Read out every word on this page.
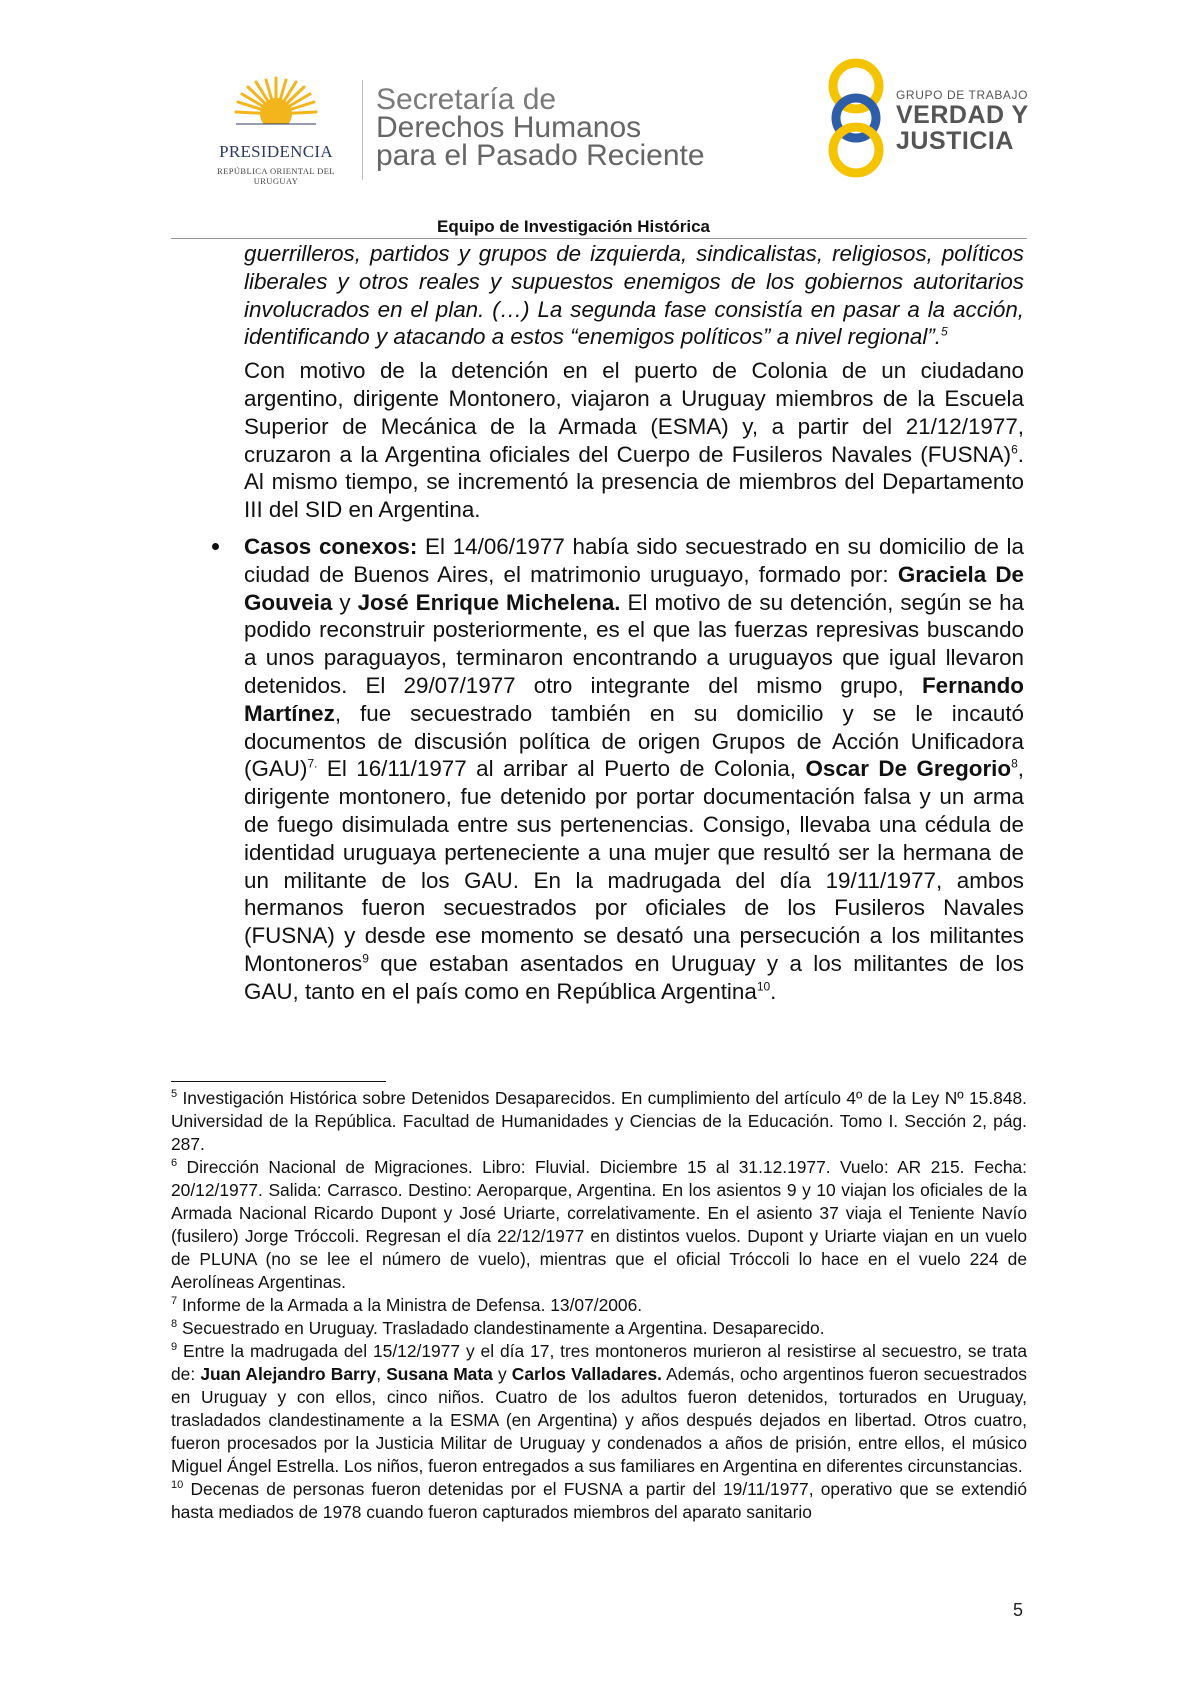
PRESIDENCIA
REPÚBLICA ORIENTAL DEL URUGUAY
Secretaría de
Derechos Humanos
para el Pasado Reciente
GRUPO DE TRABAJO
VERDAD Y
JUSTICIA
Equipo de Investigación Histórica

guerrilleros, partidos y grupos de izquierda, sindicalistas, religiosos, políticos liberales y otros reales y supuestos enemigos de los gobiernos autoritarios involucrados en el plan. (…) La segunda fase consistía en pasar a la acción, identificando y atacando a estos “enemigos políticos” a nivel regional”.$^5$

Con motivo de la detención en el puerto de Colonia de un ciudadano argentino, dirigente Montonero, viajaron a Uruguay miembros de la Escuela Superior de Mecánica de la Armada (ESMA) y, a partir del 21/12/1977, cruzaron a la Argentina oficiales del Cuerpo de Fusileros Navales (FUSNA)$^6$. Al mismo tiempo, se incrementó la presencia de miembros del Departamento III del SID en Argentina.

Casos conexos: El 14/06/1977 había sido secuestrado en su domicilio de la ciudad de Buenos Aires, el matrimonio uruguayo, formado por: Graciela De Gouveia y José Enrique Michelena. El motivo de su detención, según se ha podido reconstruir posteriormente, es el que las fuerzas represivas buscando a unos paraguayos, terminaron encontrando a uruguayos que igual llevaron detenidos. El 29/07/1977 otro integrante del mismo grupo, Fernando Martínez, fue secuestrado también en su domicilio y se le incautó documentos de discusión política de origen Grupos de Acción Unificadora (GAU)$^{7.}$ El 16/11/1977 al arribar al Puerto de Colonia, Oscar De Gregorio$^8$, dirigente montonero, fue detenido por portar documentación falsa y un arma de fuego disimulada entre sus pertenencias. Consigo, llevaba una cédula de identidad uruguaya perteneciente a una mujer que resultó ser la hermana de un militante de los GAU. En la madrugada del día 19/11/1977, ambos hermanos fueron secuestrados por oficiales de los Fusileros Navales (FUSNA) y desde ese momento se desató una persecución a los militantes Montoneros$^9$ que estaban asentados en Uruguay y a los militantes de los GAU, tanto en el país como en República Argentina$^{10}$.

$^5$ Investigación Histórica sobre Detenidos Desaparecidos. En cumplimiento del artículo 4º de la Ley Nº 15.848. Universidad de la República. Facultad de Humanidades y Ciencias de la Educación. Tomo I. Sección 2, pág. 287.

$^6$ Dirección Nacional de Migraciones. Libro: Fluvial. Diciembre 15 al 31.12.1977. Vuelo: AR 215. Fecha: 20/12/1977. Salida: Carrasco. Destino: Aeroparque, Argentina. En los asientos 9 y 10 viajan los oficiales de la Armada Nacional Ricardo Dupont y José Uriarte, correlativamente. En el asiento 37 viaja el Teniente Navío (fusilero) Jorge Tróccoli. Regresan el día 22/12/1977 en distintos vuelos. Dupont y Uriarte viajan en un vuelo de PLUNA (no se lee el número de vuelo), mientras que el oficial Tróccoli lo hace en el vuelo 224 de Aerolíneas Argentinas.

$^7$ Informe de la Armada a la Ministra de Defensa. 13/07/2006.

$^8$ Secuestrado en Uruguay. Trasladado clandestinamente a Argentina. Desaparecido.

$^9$ Entre la madrugada del 15/12/1977 y el día 17, tres montoneros murieron al resistirse al secuestro, se trata de: Juan Alejandro Barry, Susana Mata y Carlos Valladares. Además, ocho argentinos fueron secuestrados en Uruguay y con ellos, cinco niños. Cuatro de los adultos fueron detenidos, torturados en Uruguay, trasladados clandestinamente a la ESMA (en Argentina) y años después dejados en libertad. Otros cuatro, fueron procesados por la Justicia Militar de Uruguay y condenados a años de prisión, entre ellos, el músico Miguel Ángel Estrella. Los niños, fueron entregados a sus familiares en Argentina en diferentes circunstancias.

$^{10}$ Decenas de personas fueron detenidas por el FUSNA a partir del 19/11/1977, operativo que se extendió hasta mediados de 1978 cuando fueron capturados miembros del aparato sanitario

5
